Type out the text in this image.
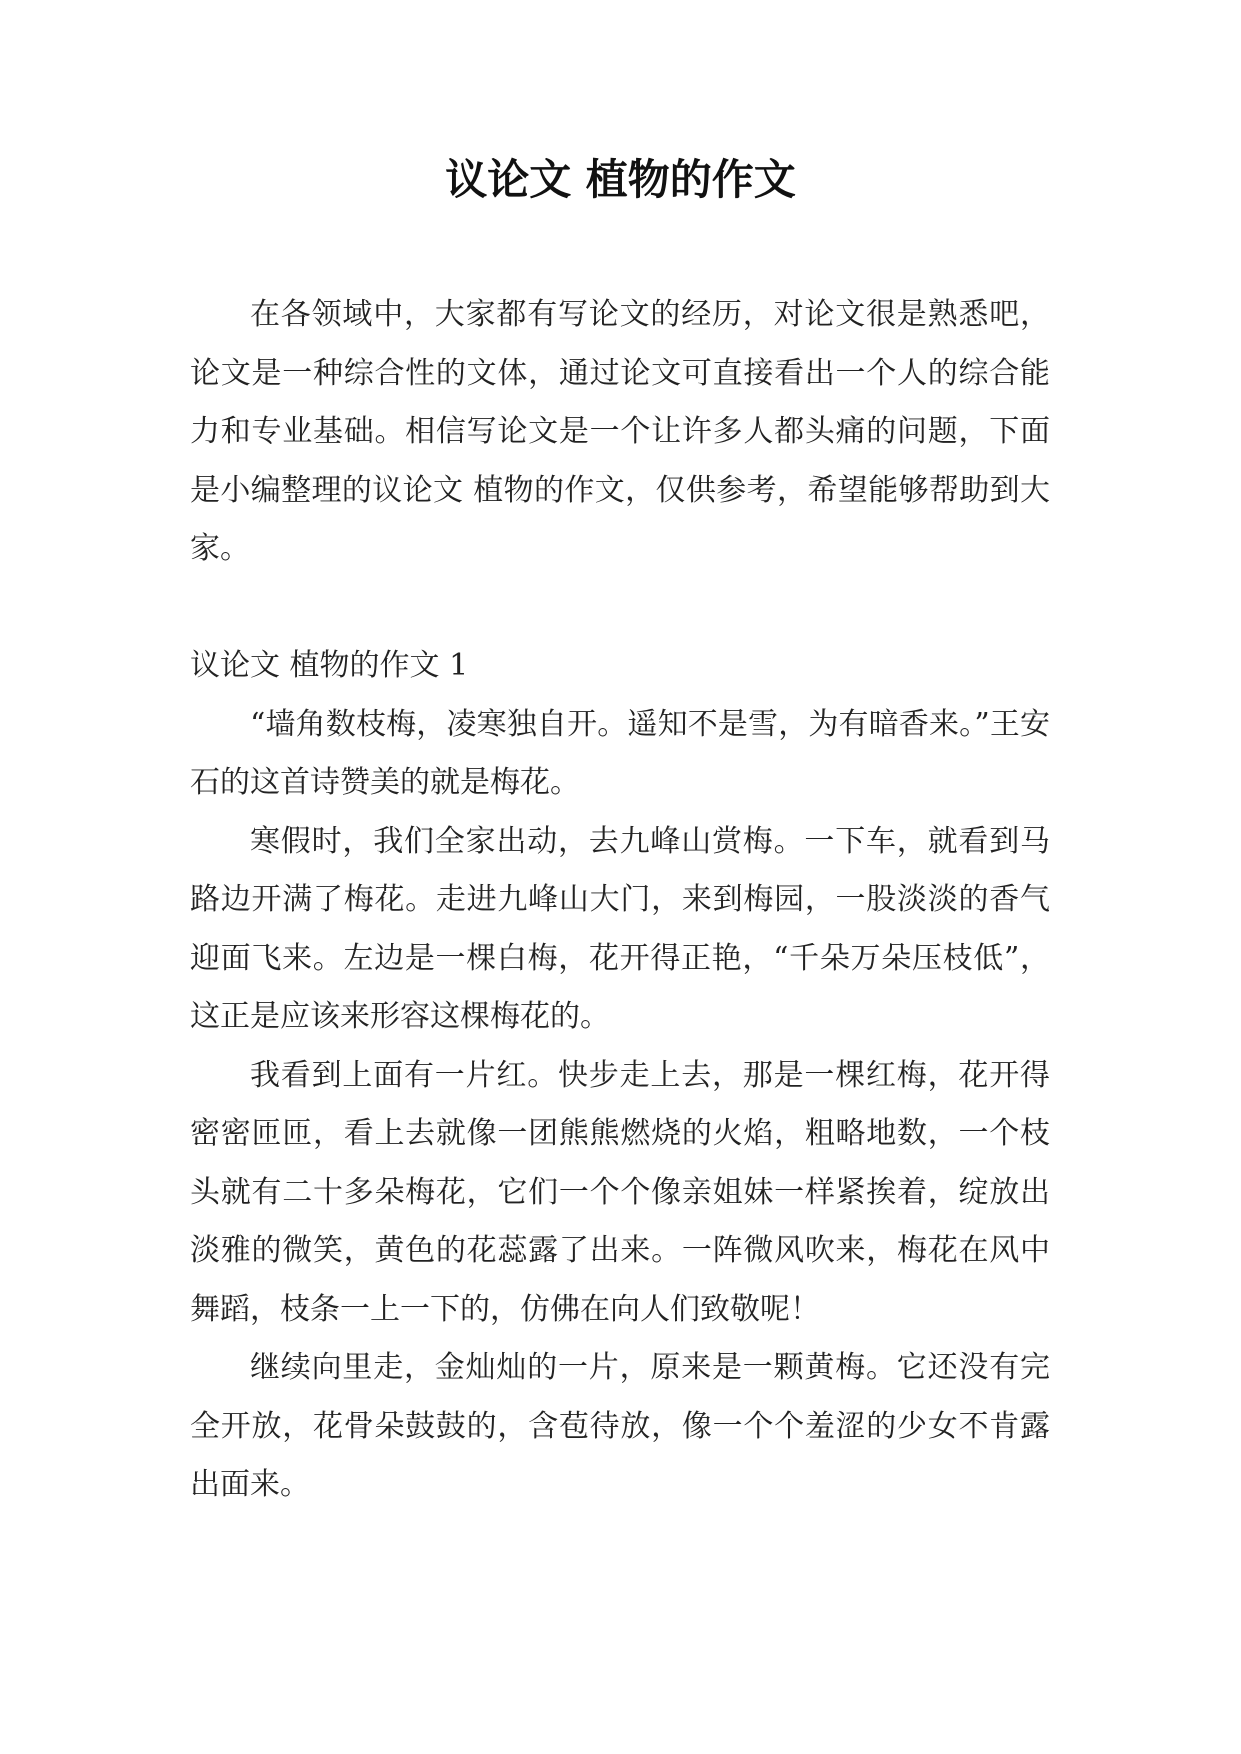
议论文 植物的作文

在各领域中，大家都有写论文的经历，对论文很是熟悉吧，论文是一种综合性的文体，通过论文可直接看出一个人的综合能力和专业基础。相信写论文是一个让许多人都头痛的问题，下面是小编整理的议论文 植物的作文，仅供参考，希望能够帮助到大家。

议论文 植物的作文 1

“墙角数枝梅，凌寒独自开。遥知不是雪，为有暗香来。”王安石的这首诗赞美的就是梅花。

寒假时，我们全家出动，去九峰山赏梅。一下车，就看到马路边开满了梅花。走进九峰山大门，来到梅园，一股淡淡的香气迎面飞来。左边是一棵白梅，花开得正艳，“千朵万朵压枝低”，这正是应该来形容这棵梅花的。

我看到上面有一片红。快步走上去，那是一棵红梅，花开得密密匝匝，看上去就像一团熊熊燃烧的火焰，粗略地数，一个枝头就有二十多朵梅花，它们一个个像亲姐妹一样紧挨着，绽放出淡雅的微笑，黄色的花蕊露了出来。一阵微风吹来，梅花在风中舞蹈，枝条一上一下的，仿佛在向人们致敬呢！

继续向里走，金灿灿的一片，原来是一颗黄梅。它还没有完全开放，花骨朵鼓鼓的，含苞待放，像一个个羞涩的少女不肯露出面来。
